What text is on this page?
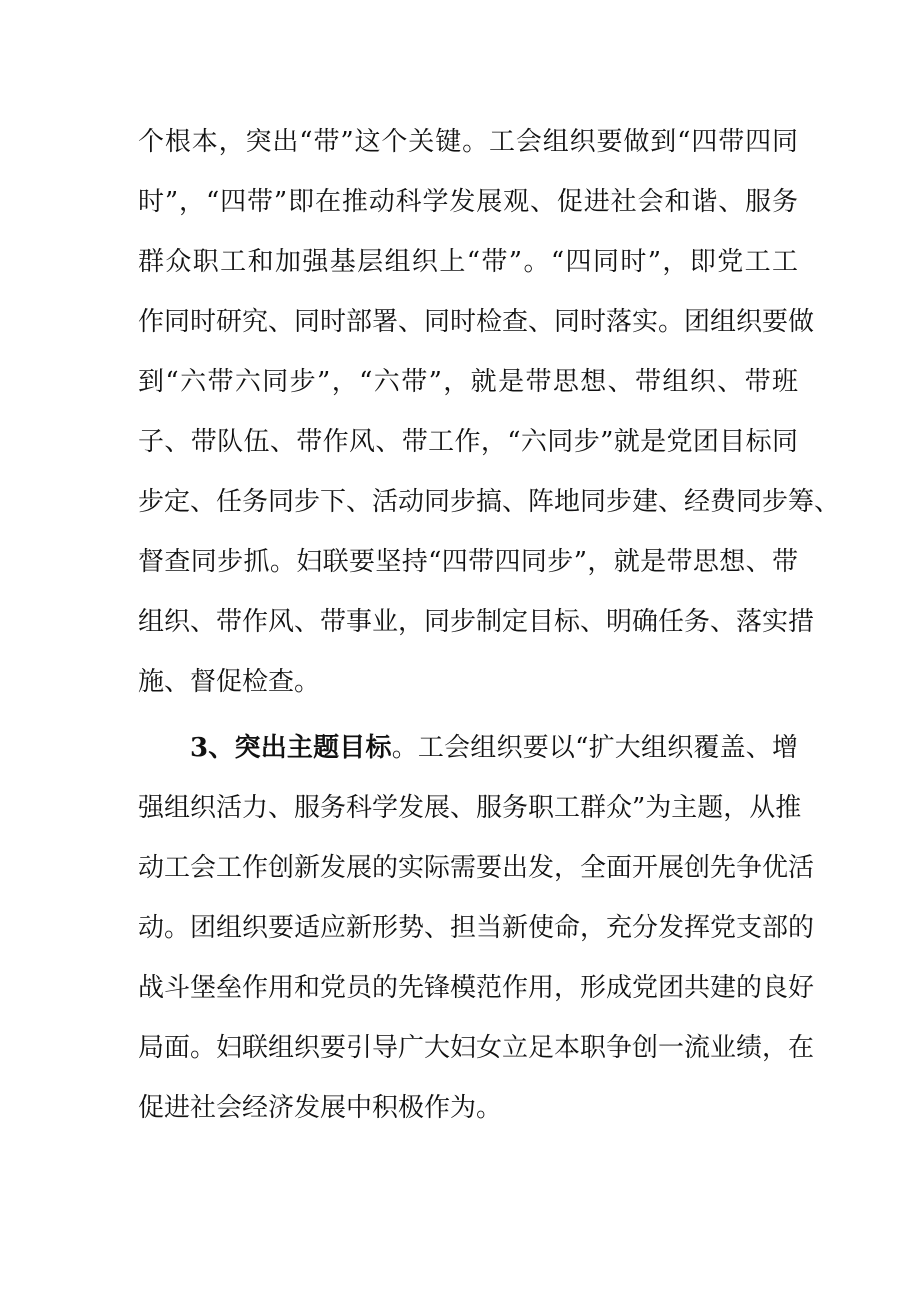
个根本，突出“带”这个关键。工会组织要做到“四带四同
时”，“四带”即在推动科学发展观、促进社会和谐、服务
群众职工和加强基层组织上“带”。“四同时”，即党工工
作同时研究、同时部署、同时检查、同时落实。团组织要做
到“六带六同步”，“六带”，就是带思想、带组织、带班
子、带队伍、带作风、带工作，“六同步”就是党团目标同
步定、任务同步下、活动同步搞、阵地同步建、经费同步筹、
督查同步抓。妇联要坚持“四带四同步”，就是带思想、带
组织、带作风、带事业，同步制定目标、明确任务、落实措
施、督促检查。
3、突出主题目标。工会组织要以“扩大组织覆盖、增
强组织活力、服务科学发展、服务职工群众”为主题，从推
动工会工作创新发展的实际需要出发，全面开展创先争优活
动。团组织要适应新形势、担当新使命，充分发挥党支部的
战斗堡垒作用和党员的先锋模范作用，形成党团共建的良好
局面。妇联组织要引导广大妇女立足本职争创一流业绩，在
促进社会经济发展中积极作为。
